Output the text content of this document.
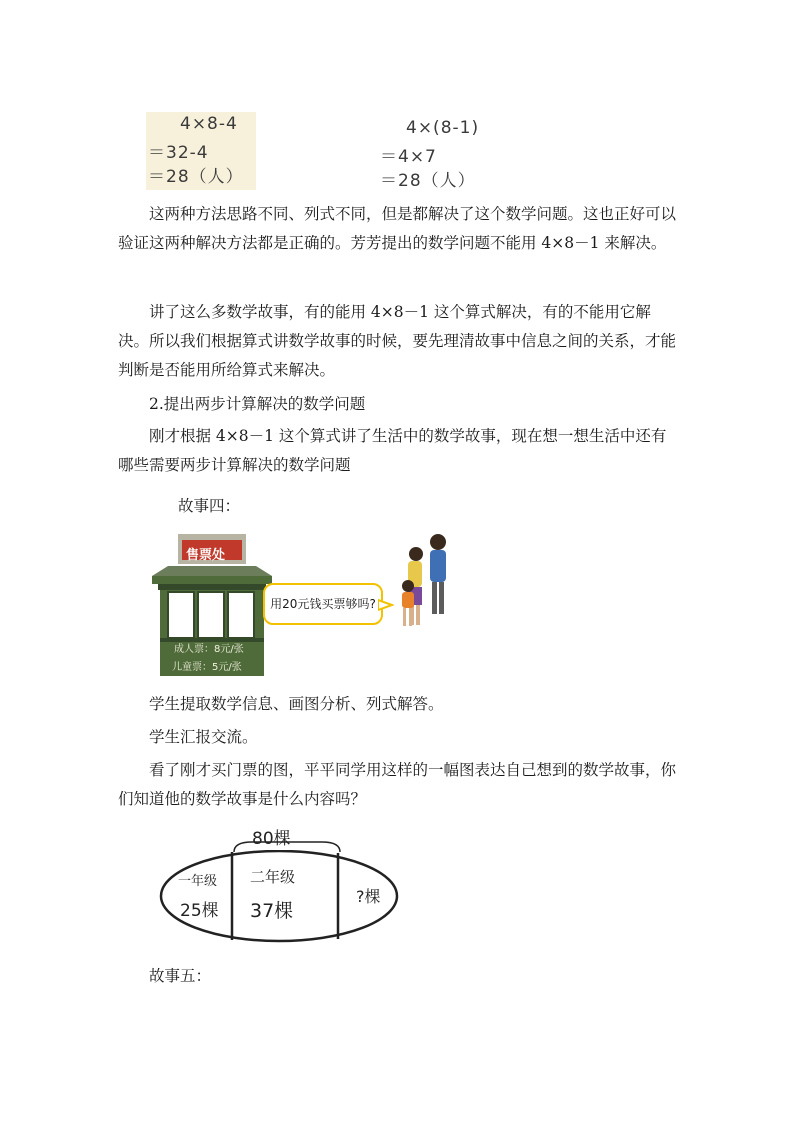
4×8-4
＝32-4
＝28（人）
4×(8-1)
＝4×7
＝28（人）

这两种方法思路不同、列式不同，但是都解决了这个数学问题。这也正好可以验证这两种解决方法都是正确的。芳芳提出的数学问题不能用 4×8－1 来解决。

讲了这么多数学故事，有的能用 4×8－1 这个算式解决，有的不能用它解决。所以我们根据算式讲数学故事的时候，要先理清故事中信息之间的关系，才能判断是否能用所给算式来解决。

2.提出两步计算解决的数学问题

刚才根据 4×8－1 这个算式讲了生活中的数学故事，现在想一想生活中还有哪些需要两步计算解决的数学问题

故事四：

售票处
成人票：8元/张
儿童票：5元/张
用20元钱买票够吗?

学生提取数学信息、画图分析、列式解答。

学生汇报交流。

看了刚才买门票的图，平平同学用这样的一幅图表达自己想到的数学故事，你们知道他的数学故事是什么内容吗？

80棵
一年级
25棵
二年级
37棵
?棵

故事五：
